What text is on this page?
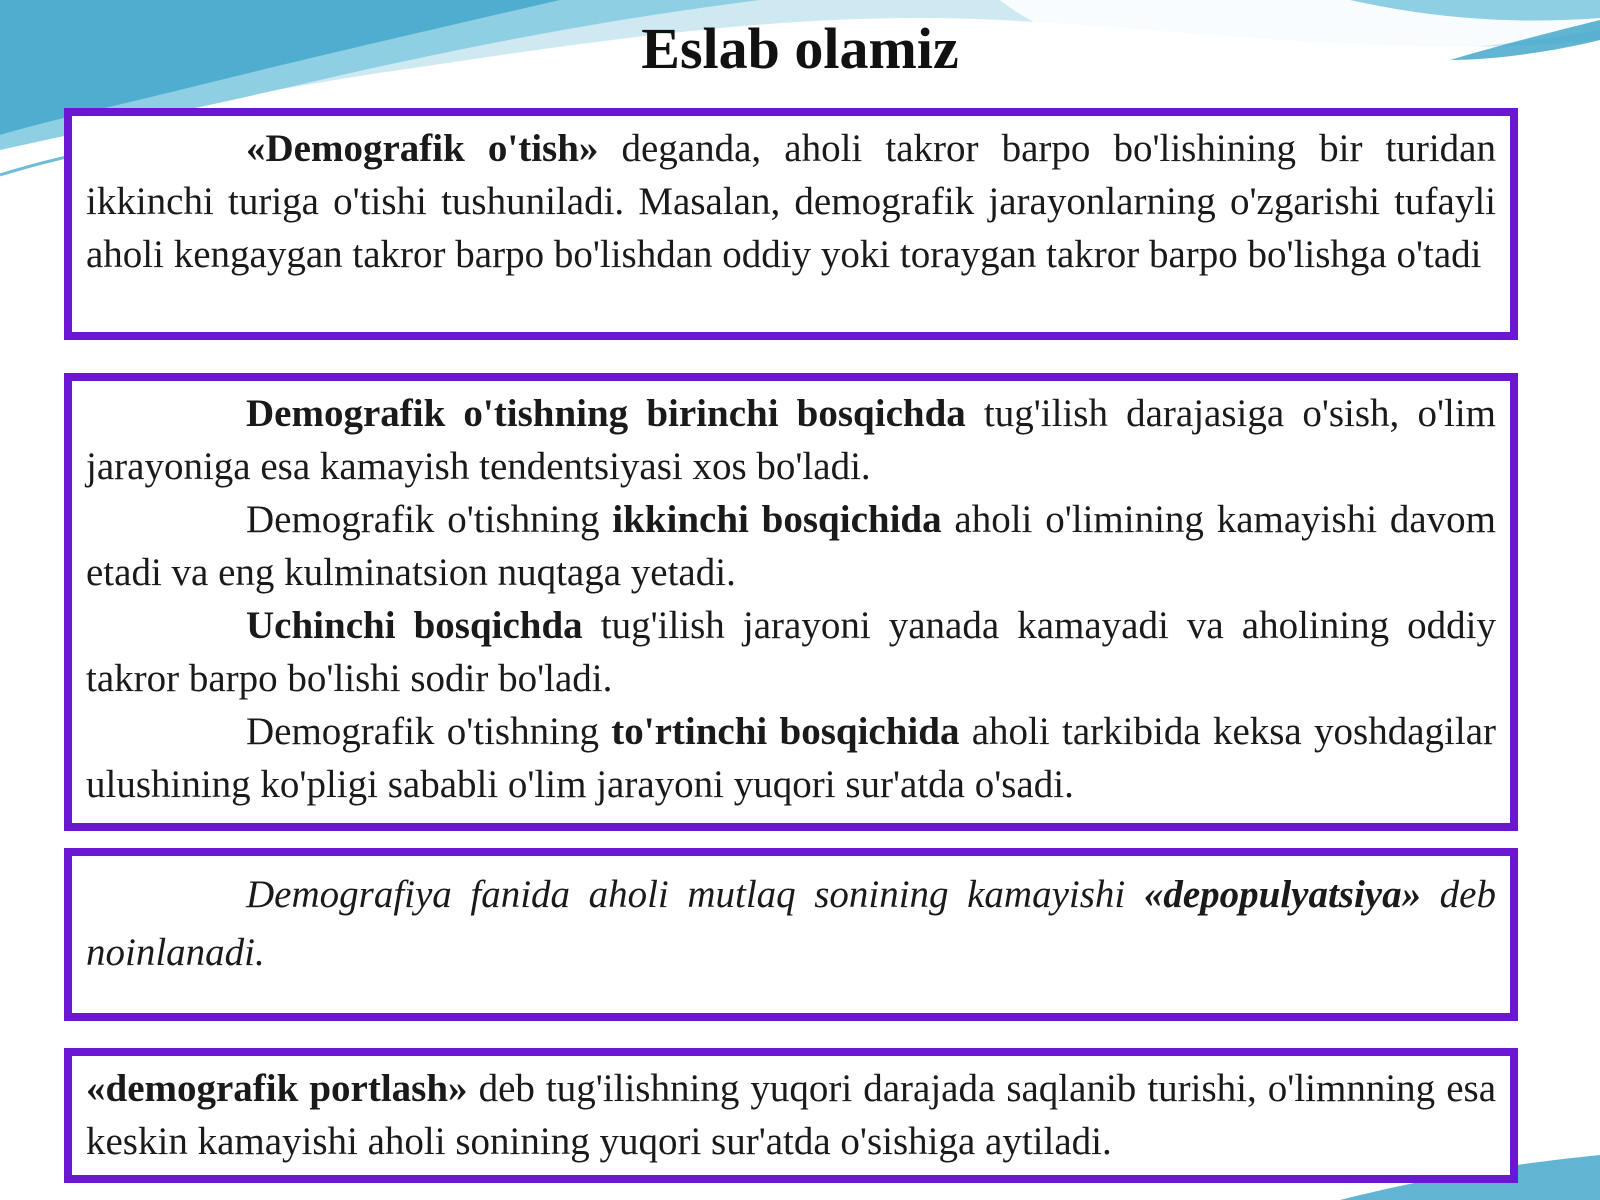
Eslab olamiz

«Demografik o'tish» deganda, aholi takror barpo bo'lishining bir turidan ikkinchi turiga o'tishi tushuniladi. Masalan, demografik jarayonlarning o'zgarishi tufayli aholi kengaygan takror barpo bo'lishdan oddiy yoki toraygan takror barpo bo'lishga o'tadi

Demografik o'tishning birinchi bosqichda tug'ilish darajasiga o'sish, o'lim jarayoniga esa kamayish tendentsiyasi xos bo'ladi.

Demografik o'tishning ikkinchi bosqichida aholi o'limining kamayishi davom etadi va eng kulminatsion nuqtaga yetadi.

Uchinchi bosqichda tug'ilish jarayoni yanada kamayadi va aholining oddiy takror barpo bo'lishi sodir bo'ladi.

Demografik o'tishning to'rtinchi bosqichida aholi tarkibida keksa yoshdagilar ulushining ko'pligi sababli o'lim jarayoni yuqori sur'atda o'sadi.

Demografiya fanida aholi mutlaq sonining kamayishi «depopulyatsiya» deb noinlanadi.

«demografik portlash» deb tug'ilishning yuqori darajada saqlanib turishi, o'limnning esa keskin kamayishi aholi sonining yuqori sur'atda o'sishiga aytiladi.
